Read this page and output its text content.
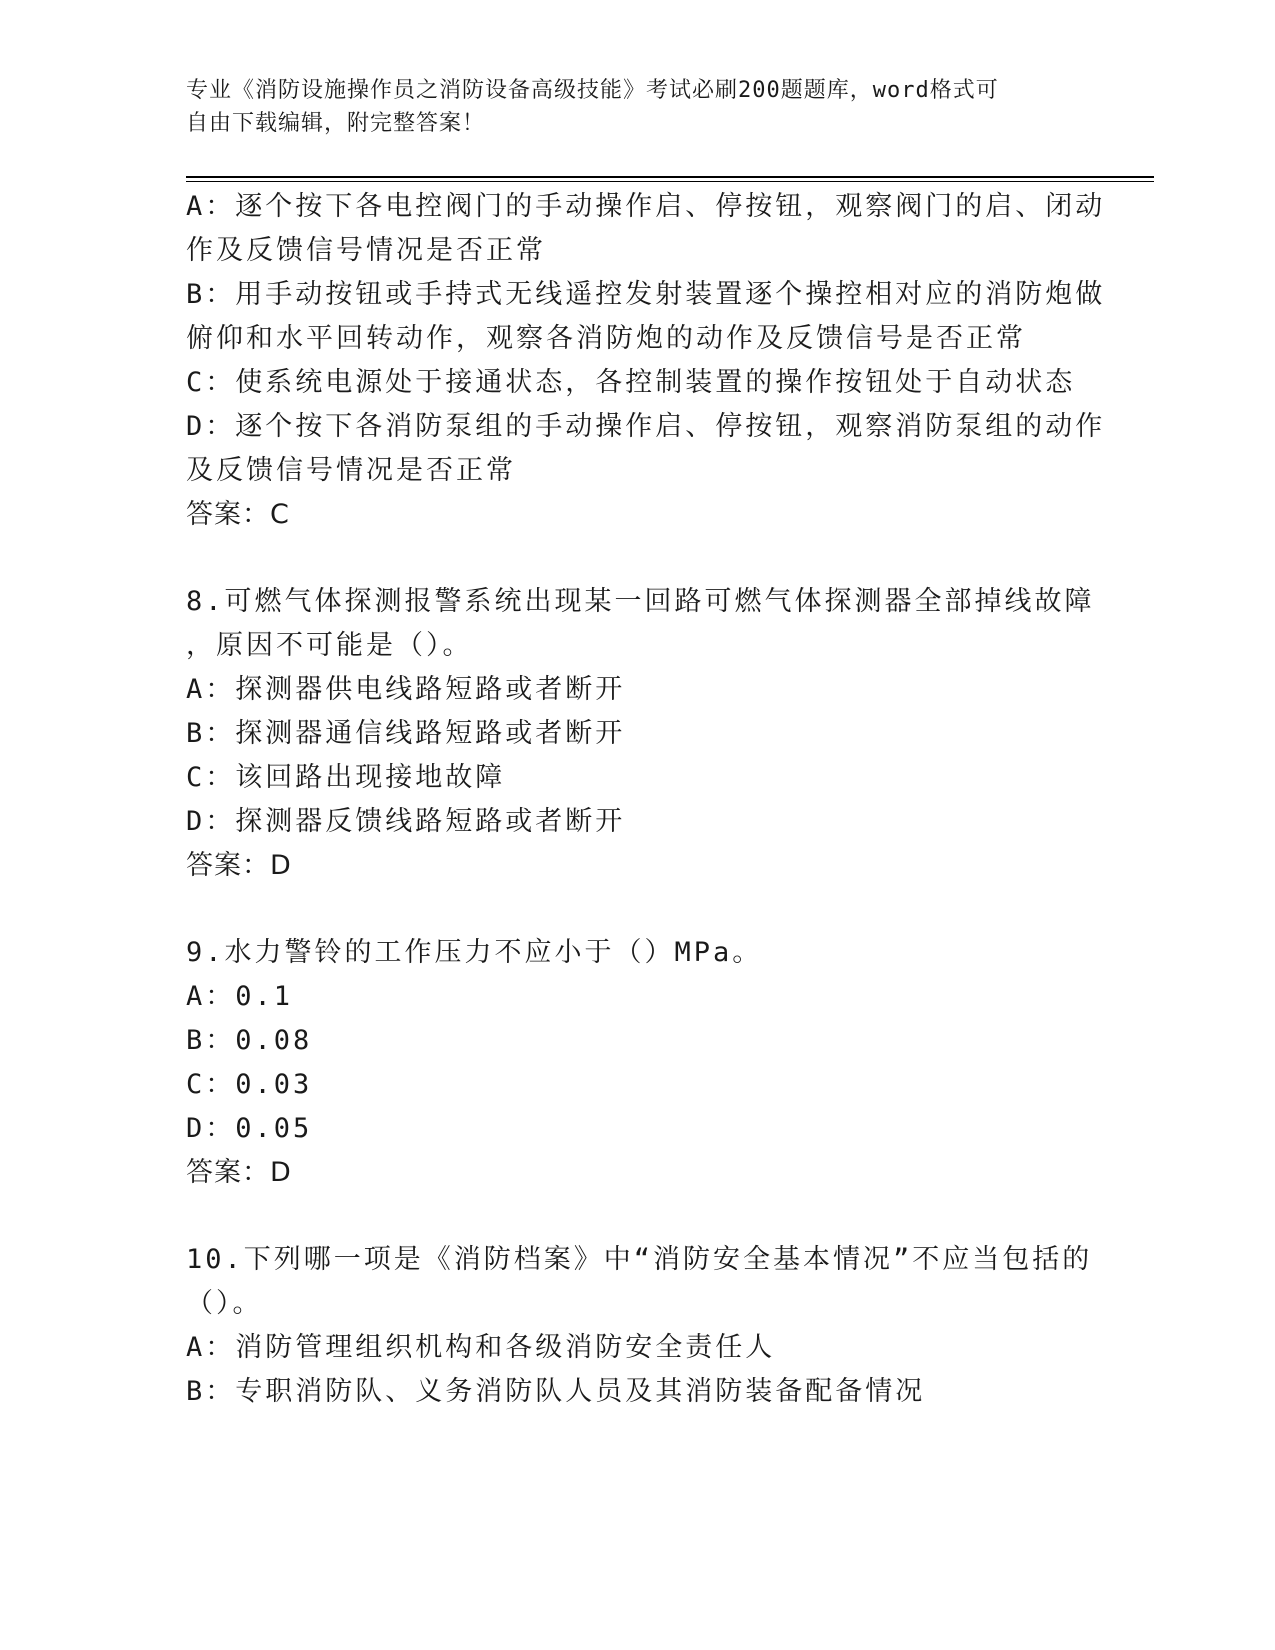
专业《消防设施操作员之消防设备高级技能》考试必刷200题题库，word格式可
自由下载编辑，附完整答案！
A：逐个按下各电控阀门的手动操作启、停按钮，观察阀门的启、闭动
作及反馈信号情况是否正常
B：用手动按钮或手持式无线遥控发射装置逐个操控相对应的消防炮做
俯仰和水平回转动作，观察各消防炮的动作及反馈信号是否正常
C：使系统电源处于接通状态，各控制装置的操作按钮处于自动状态
D：逐个按下各消防泵组的手动操作启、停按钮，观察消防泵组的动作
及反馈信号情况是否正常
答案：C
8.可燃气体探测报警系统出现某一回路可燃气体探测器全部掉线故障
，原因不可能是（）。
A：探测器供电线路短路或者断开
B：探测器通信线路短路或者断开
C：该回路出现接地故障
D：探测器反馈线路短路或者断开
答案：D
9.水力警铃的工作压力不应小于（）MPa。
A：0.1
B：0.08
C：0.03
D：0.05
答案：D
10.下列哪一项是《消防档案》中“消防安全基本情况”不应当包括的
（）。
A：消防管理组织机构和各级消防安全责任人
B：专职消防队、义务消防队人员及其消防装备配备情况
